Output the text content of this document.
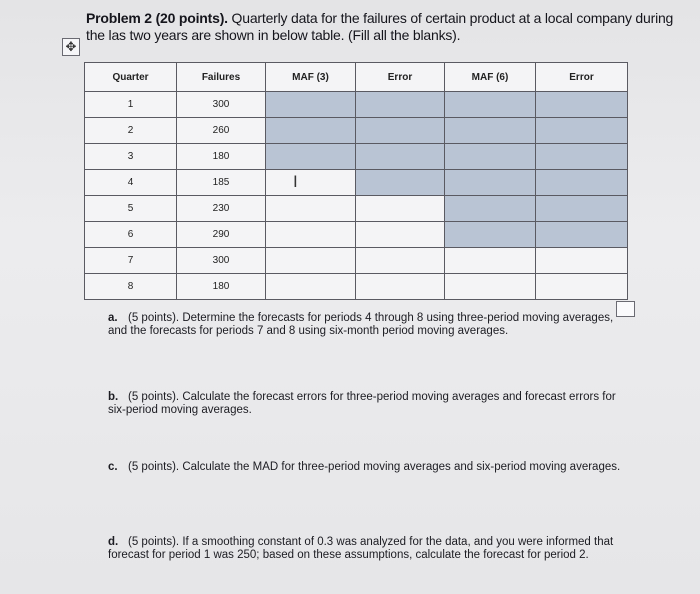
Problem 2 (20 points). Quarterly data for the failures of certain product at a local company during the las two years are shown in below table. (Fill all the blanks).
✥
Quarter	Failures	MAF (3)	Error	MAF (6)	Error
1	300				
2	260				
3	180				
4	185				
5	230				
6	290				
7	300				
8	180				
I
a. (5 points). Determine the forecasts for periods 4 through 8 using three-period moving averages, and the forecasts for periods 7 and 8 using six-month period moving averages.
b. (5 points). Calculate the forecast errors for three-period moving averages and forecast errors for six-period moving averages.
c. (5 points). Calculate the MAD for three-period moving averages and six-period moving averages.
d. (5 points). If a smoothing constant of 0.3 was analyzed for the data, and you were informed that forecast for period 1 was 250; based on these assumptions, calculate the forecast for period 2.
